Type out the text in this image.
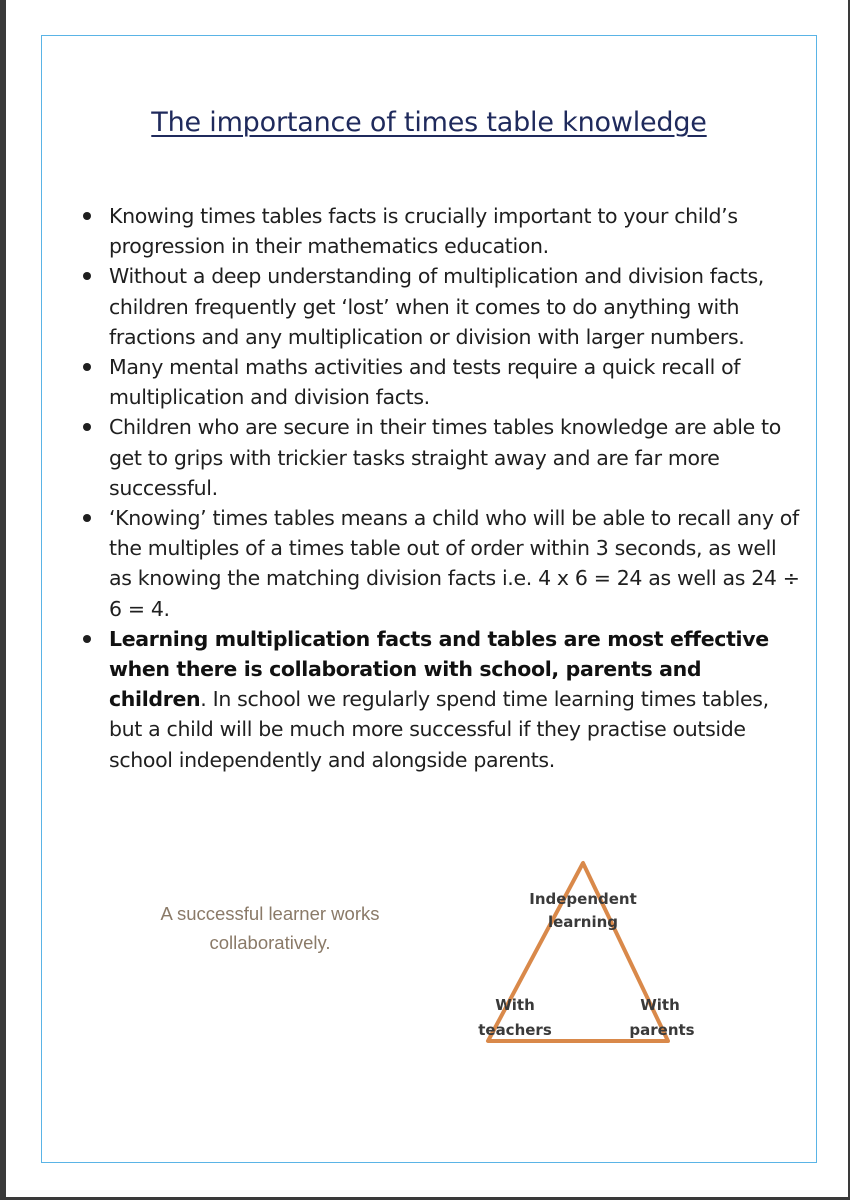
The importance of times table knowledge
Knowing times tables facts is crucially important to your child’s progression in their mathematics education.
Without a deep understanding of multiplication and division facts, children frequently get ‘lost’ when it comes to do anything with fractions and any multiplication or division with larger numbers.
Many mental maths activities and tests require a quick recall of multiplication and division facts.
Children who are secure in their times tables knowledge are able to get to grips with trickier tasks straight away and are far more successful.
‘Knowing’ times tables means a child who will be able to recall any of the multiples of a times table out of order within 3 seconds, as well as knowing the matching division facts i.e. 4 x 6 = 24 as well as 24 ÷ 6 = 4.
Learning multiplication facts and tables are most effective when there is collaboration with school, parents and children. In school we regularly spend time learning times tables, but a child will be much more successful if they practise outside school independently and alongside parents.
A successful learner works
collaboratively.
Independent
learning
With
teachers
With
parents
